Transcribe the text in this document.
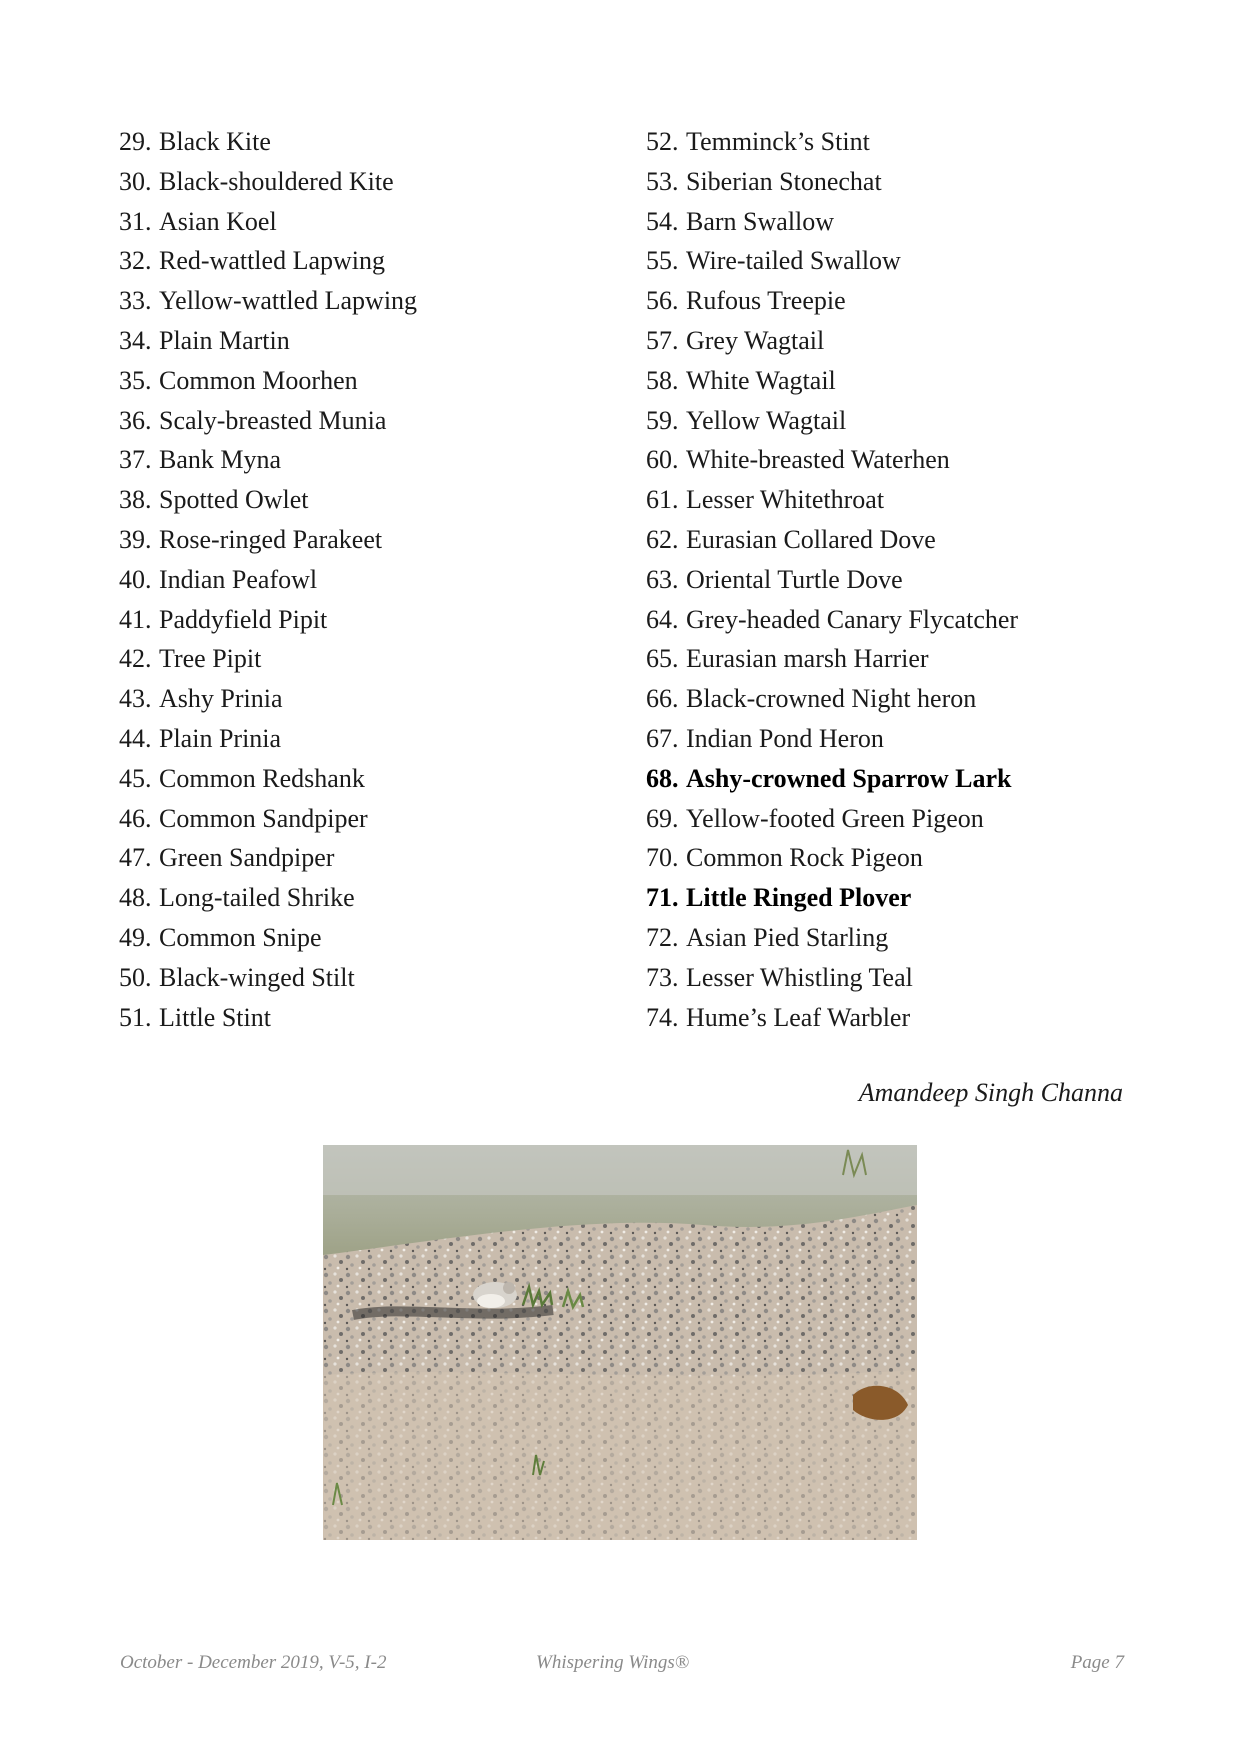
29. Black Kite
30. Black-shouldered Kite
31. Asian Koel
32. Red-wattled Lapwing
33. Yellow-wattled Lapwing
34. Plain Martin
35. Common Moorhen
36. Scaly-breasted Munia
37. Bank Myna
38. Spotted Owlet
39. Rose-ringed Parakeet
40. Indian Peafowl
41. Paddyfield Pipit
42. Tree Pipit
43. Ashy Prinia
44. Plain Prinia
45. Common Redshank
46. Common Sandpiper
47. Green Sandpiper
48. Long-tailed Shrike
49. Common Snipe
50. Black-winged Stilt
51. Little Stint
52. Temminck’s Stint
53. Siberian Stonechat
54. Barn Swallow
55. Wire-tailed Swallow
56. Rufous Treepie
57. Grey Wagtail
58. White Wagtail
59. Yellow Wagtail
60. White-breasted Waterhen
61. Lesser Whitethroat
62. Eurasian Collared Dove
63. Oriental Turtle Dove
64. Grey-headed Canary Flycatcher
65. Eurasian marsh Harrier
66. Black-crowned Night heron
67. Indian Pond Heron
68. Ashy-crowned Sparrow Lark
69. Yellow-footed Green Pigeon
70. Common Rock Pigeon
71. Little Ringed Plover
72. Asian Pied Starling
73. Lesser Whistling Teal
74. Hume’s Leaf Warbler
Amandeep Singh Channa
October - December 2019, V-5, I-2	Whispering Wings®	Page 7
